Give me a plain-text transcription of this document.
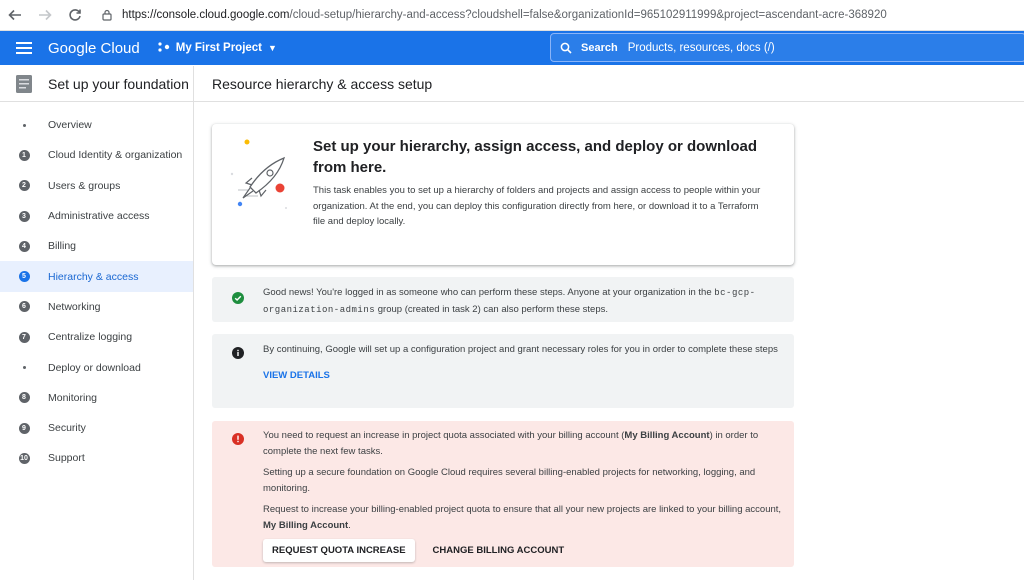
https://console.cloud.google.com/cloud-setup/hierarchy-and-access?cloudshell=false&organizationId=965102911999&project=ascendant-acre-368920
Google Cloud	My First Project ▼	Search Products, resources, docs (/)
Set up your foundation
Overview
1	Cloud Identity & organization
2	Users & groups
3	Administrative access
4	Billing
5	Hierarchy & access
6	Networking
7	Centralize logging
Deploy or download
8	Monitoring
9	Security
10 Support
Resource hierarchy & access setup
Set up your hierarchy, assign access, and deploy or download from here.

This task enables you to set up a hierarchy of folders and projects and assign access to people within your organization. At the end, you can deploy this configuration directly from here, or download it to a Terraform file and deploy locally.

Good news! You're logged in as someone who can perform these steps. Anyone at your organization in the bc-gcp-organization-admins group (created in task 2) can also perform these steps.
By continuing, Google will set up a configuration project and grant necessary roles for you in order to complete these steps
VIEW DETAILS
You need to request an increase in project quota associated with your billing account (My Billing Account) in order to complete the next few tasks.
Setting up a secure foundation on Google Cloud requires several billing-enabled projects for networking, logging, and monitoring.
Request to increase your billing-enabled project quota to ensure that all your new projects are linked to your billing account, My Billing Account.
REQUEST QUOTA INCREASE	CHANGE BILLING ACCOUNT
